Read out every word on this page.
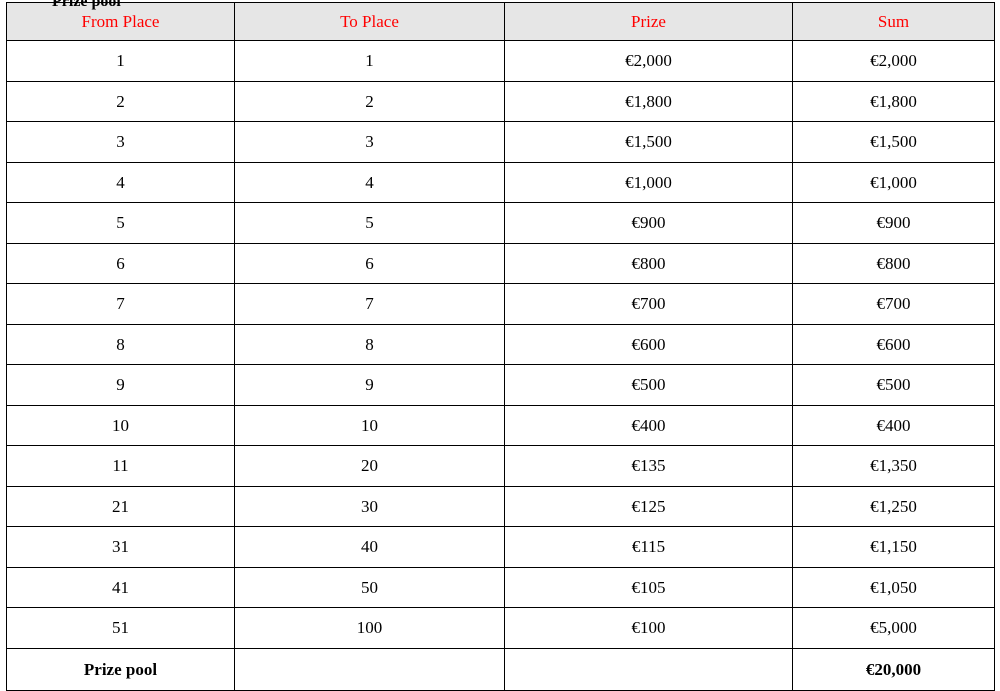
From Place	To Place	Prize	Sum
1	1	€2,000	€2,000
2	2	€1,800	€1,800
3	3	€1,500	€1,500
4	4	€1,000	€1,000
5	5	€900	€900
6	6	€800	€800
7	7	€700	€700
8	8	€600	€600
9	9	€500	€500
10	10	€400	€400
11	20	€135	€1,350
21	30	€125	€1,250
31	40	€115	€1,150
41	50	€105	€1,050
51	100	€100	€5,000
Prize pool			€20,000
